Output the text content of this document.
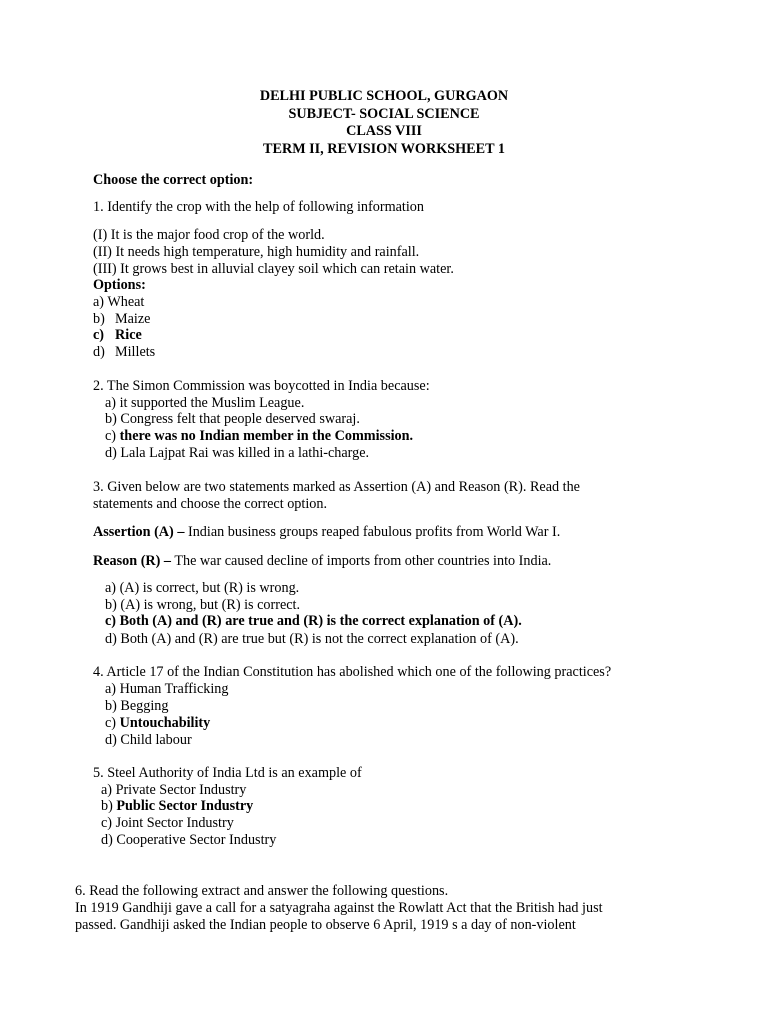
DELHI PUBLIC SCHOOL, GURGAON
SUBJECT- SOCIAL SCIENCE
CLASS VIII
TERM II, REVISION WORKSHEET 1
Choose the correct option:
1. Identify the crop with the help of following information
(I) It is the major food crop of the world.
(II) It needs high temperature, high humidity and rainfall.
(III) It grows best in alluvial clayey soil which can retain water.
Options:
a) Wheat
b) Maize
c) Rice
d) Millets
2. The Simon Commission was boycotted in India because:
a) it supported the Muslim League.
b) Congress felt that people deserved swaraj.
c) there was no Indian member in the Commission.
d) Lala Lajpat Rai was killed in a lathi-charge.
3. Given below are two statements marked as Assertion (A) and Reason (R). Read the
statements and choose the correct option.
Assertion (A) – Indian business groups reaped fabulous profits from World War I.
Reason (R) – The war caused decline of imports from other countries into India.
a) (A) is correct, but (R) is wrong.
b) (A) is wrong, but (R) is correct.
c) Both (A) and (R) are true and (R) is the correct explanation of (A).
d) Both (A) and (R) are true but (R) is not the correct explanation of (A).
4. Article 17 of the Indian Constitution has abolished which one of the following practices?
a) Human Trafficking
b) Begging
c) Untouchability
d) Child labour
5. Steel Authority of India Ltd is an example of
a) Private Sector Industry
b) Public Sector Industry
c) Joint Sector Industry
d) Cooperative Sector Industry
6. Read the following extract and answer the following questions.
In 1919 Gandhiji gave a call for a satyagraha against the Rowlatt Act that the British had just
passed. Gandhiji asked the Indian people to observe 6 April, 1919 s a day of non-violent
